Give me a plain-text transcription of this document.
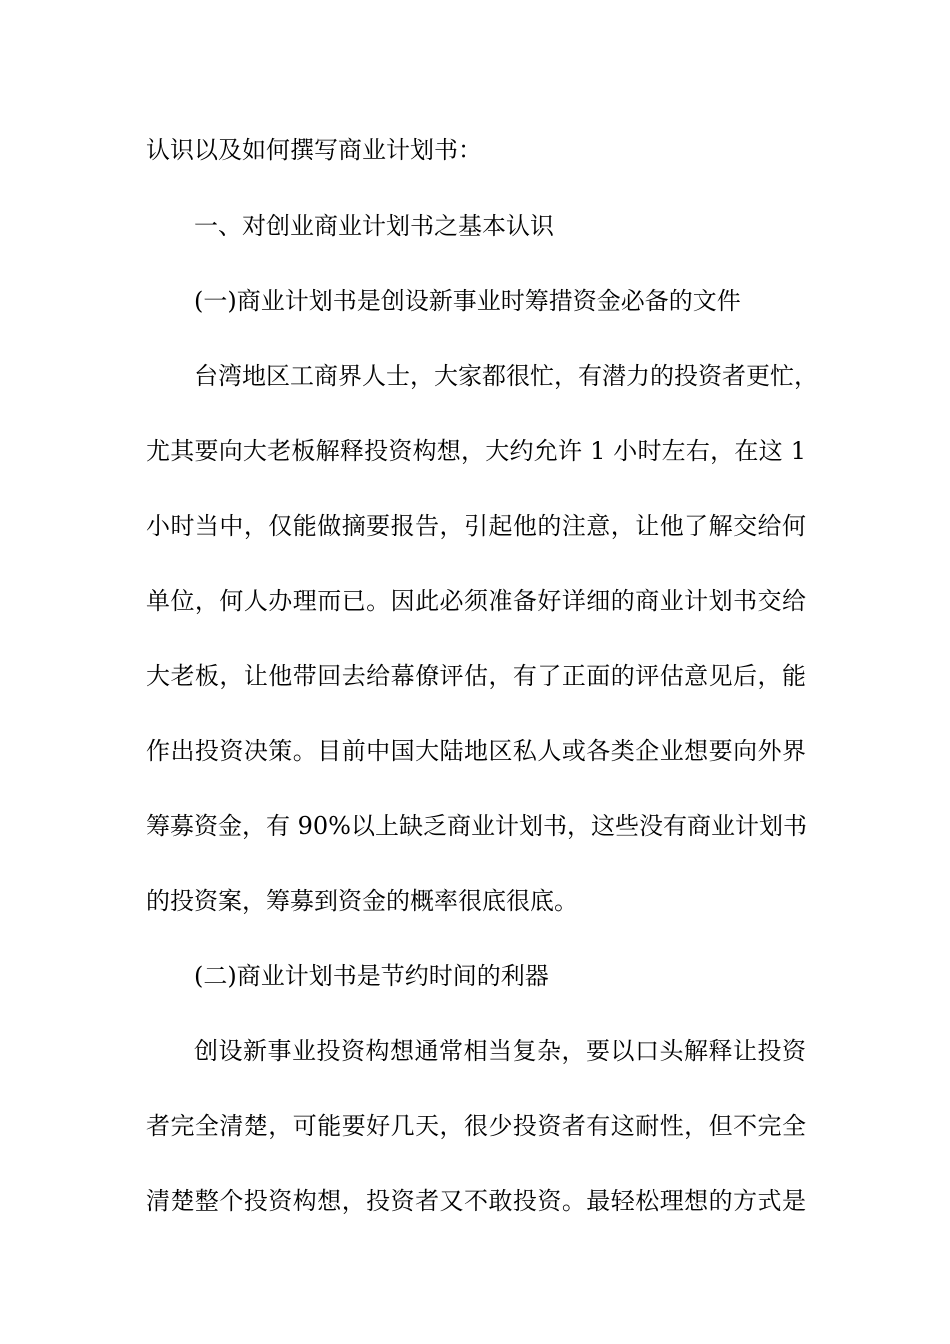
认识以及如何撰写商业计划书：
一、对创业商业计划书之基本认识
(一)商业计划书是创设新事业时筹措资金必备的文件
台湾地区工商界人士，大家都很忙，有潜力的投资者更忙，
尤其要向大老板解释投资构想，大约允许 1 小时左右，在这 1
小时当中，仅能做摘要报告，引起他的注意，让他了解交给何
单位，何人办理而已。因此必须准备好详细的商业计划书交给
大老板，让他带回去给幕僚评估，有了正面的评估意见后，能
作出投资决策。目前中国大陆地区私人或各类企业想要向外界
筹募资金，有 90%以上缺乏商业计划书，这些没有商业计划书
的投资案，筹募到资金的概率很底很底。
(二)商业计划书是节约时间的利器
创设新事业投资构想通常相当复杂，要以口头解释让投资
者完全清楚，可能要好几天，很少投资者有这耐性，但不完全
清楚整个投资构想，投资者又不敢投资。最轻松理想的方式是
